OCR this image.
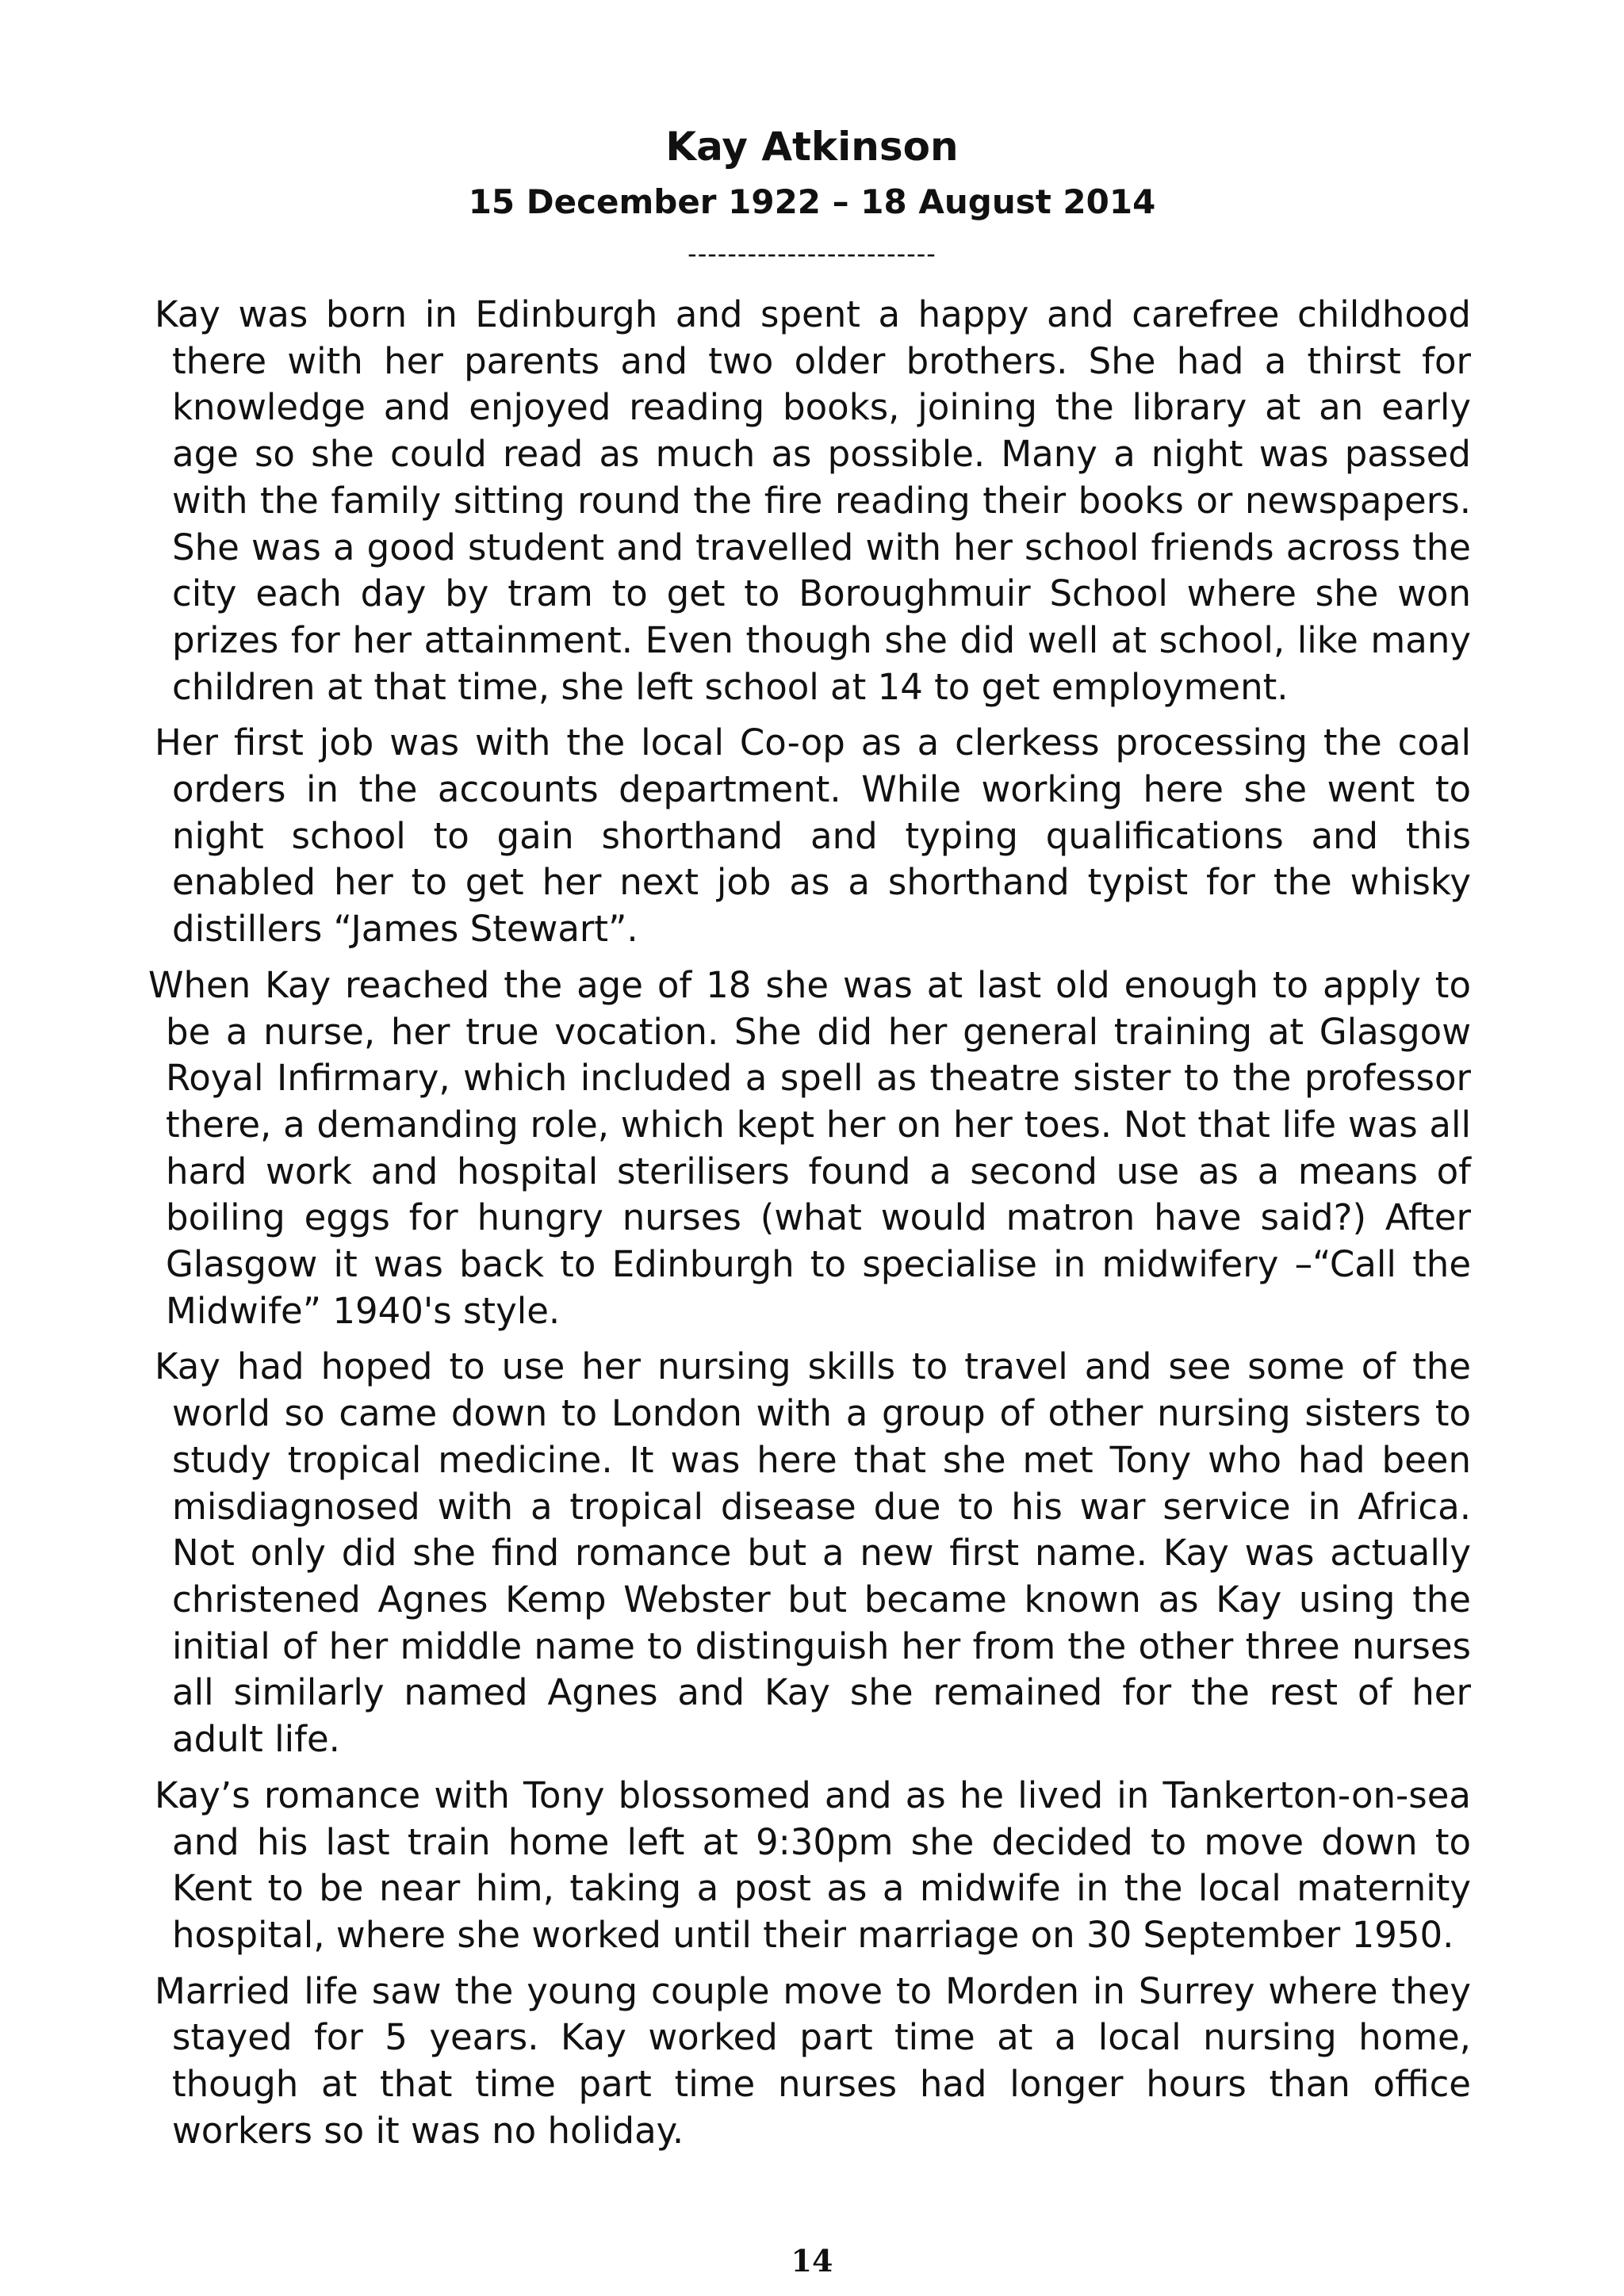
Kay Atkinson
15 December 1922 – 18 August 2014
-------------------------

Kay was born in Edinburgh and spent a happy and carefree childhood there with her parents and two older brothers. She had a thirst for knowledge and enjoyed reading books, joining the library at an early age so she could read as much as possible. Many a night was passed with the family sitting round the fire reading their books or newspapers. She was a good student and travelled with her school friends across the city each day by tram to get to Boroughmuir School where she won prizes for her attainment. Even though she did well at school, like many children at that time, she left school at 14 to get employment.

Her first job was with the local Co-op as a clerkess processing the coal orders in the accounts department. While working here she went to night school to gain shorthand and typing qualifications and this enabled her to get her next job as a shorthand typist for the whisky distillers “James Stewart”.

When Kay reached the age of 18 she was at last old enough to apply to be a nurse, her true vocation. She did her general training at Glasgow Royal Infirmary, which included a spell as theatre sister to the professor there, a demanding role, which kept her on her toes. Not that life was all hard work and hospital sterilisers found a second use as a means of boiling eggs for hungry nurses (what would matron have said?) After Glasgow it was back to Edinburgh to specialise in midwifery –“Call the Midwife” 1940's style.

Kay had hoped to use her nursing skills to travel and see some of the world so came down to London with a group of other nursing sisters to study tropical medicine. It was here that she met Tony who had been misdiagnosed with a tropical disease due to his war service in Africa. Not only did she find romance but a new first name. Kay was actually christened Agnes Kemp Webster but became known as Kay using the initial of her middle name to distinguish her from the other three nurses all similarly named Agnes and Kay she remained for the rest of her adult life.

Kay’s romance with Tony blossomed and as he lived in Tankerton-on-sea and his last train home left at 9:30pm she decided to move down to Kent to be near him, taking a post as a midwife in the local maternity hospital, where she worked until their marriage on 30 September 1950.

Married life saw the young couple move to Morden in Surrey where they stayed for 5 years. Kay worked part time at a local nursing home, though at that time part time nurses had longer hours than office workers so it was no holiday.

14
